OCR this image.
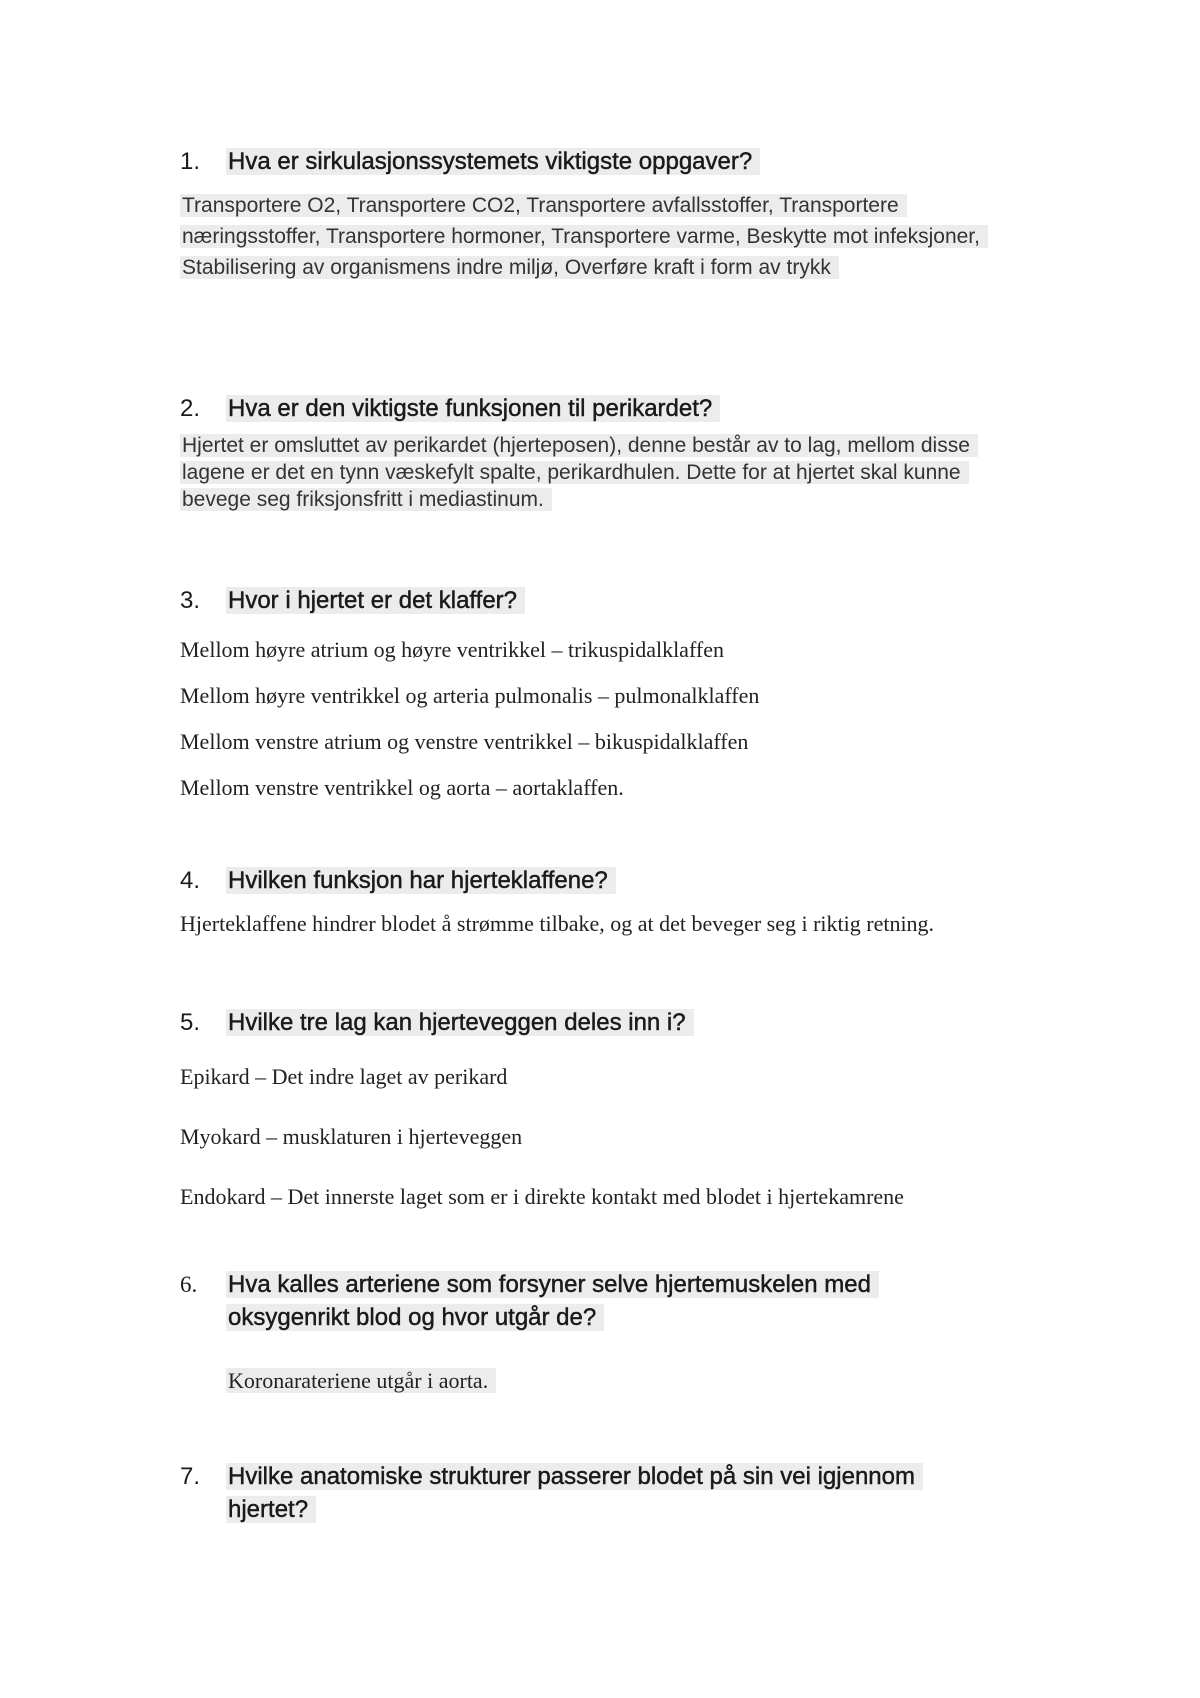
1.	Hva er sirkulasjonssystemets viktigste oppgaver?
Transportere O2, Transportere CO2, Transportere avfallsstoffer, Transportere
næringsstoffer, Transportere hormoner, Transportere varme, Beskytte mot infeksjoner,
Stabilisering av organismens indre miljø, Overføre kraft i form av trykk
2.	Hva er den viktigste funksjonen til perikardet?
Hjertet er omsluttet av perikardet (hjerteposen), denne består av to lag, mellom disse
lagene er det en tynn væskefylt spalte, perikardhulen. Dette for at hjertet skal kunne
bevege seg friksjonsfritt i mediastinum.
3.	Hvor i hjertet er det klaffer?
Mellom høyre atrium og høyre ventrikkel – trikuspidalklaffen
Mellom høyre ventrikkel og arteria pulmonalis – pulmonalklaffen
Mellom venstre atrium og venstre ventrikkel – bikuspidalklaffen
Mellom venstre ventrikkel og aorta – aortaklaffen.
4.	Hvilken funksjon har hjerteklaffene?
Hjerteklaffene hindrer blodet å strømme tilbake, og at det beveger seg i riktig retning.
5.	Hvilke tre lag kan hjerteveggen deles inn i?
Epikard – Det indre laget av perikard
Myokard – musklaturen i hjerteveggen
Endokard – Det innerste laget som er i direkte kontakt med blodet i hjertekamrene
6.	Hva kalles arteriene som forsyner selve hjertemuskelen med
oksygenrikt blod og hvor utgår de?
Koronarateriene utgår i aorta.
7.	Hvilke anatomiske strukturer passerer blodet på sin vei igjennom
hjertet?
